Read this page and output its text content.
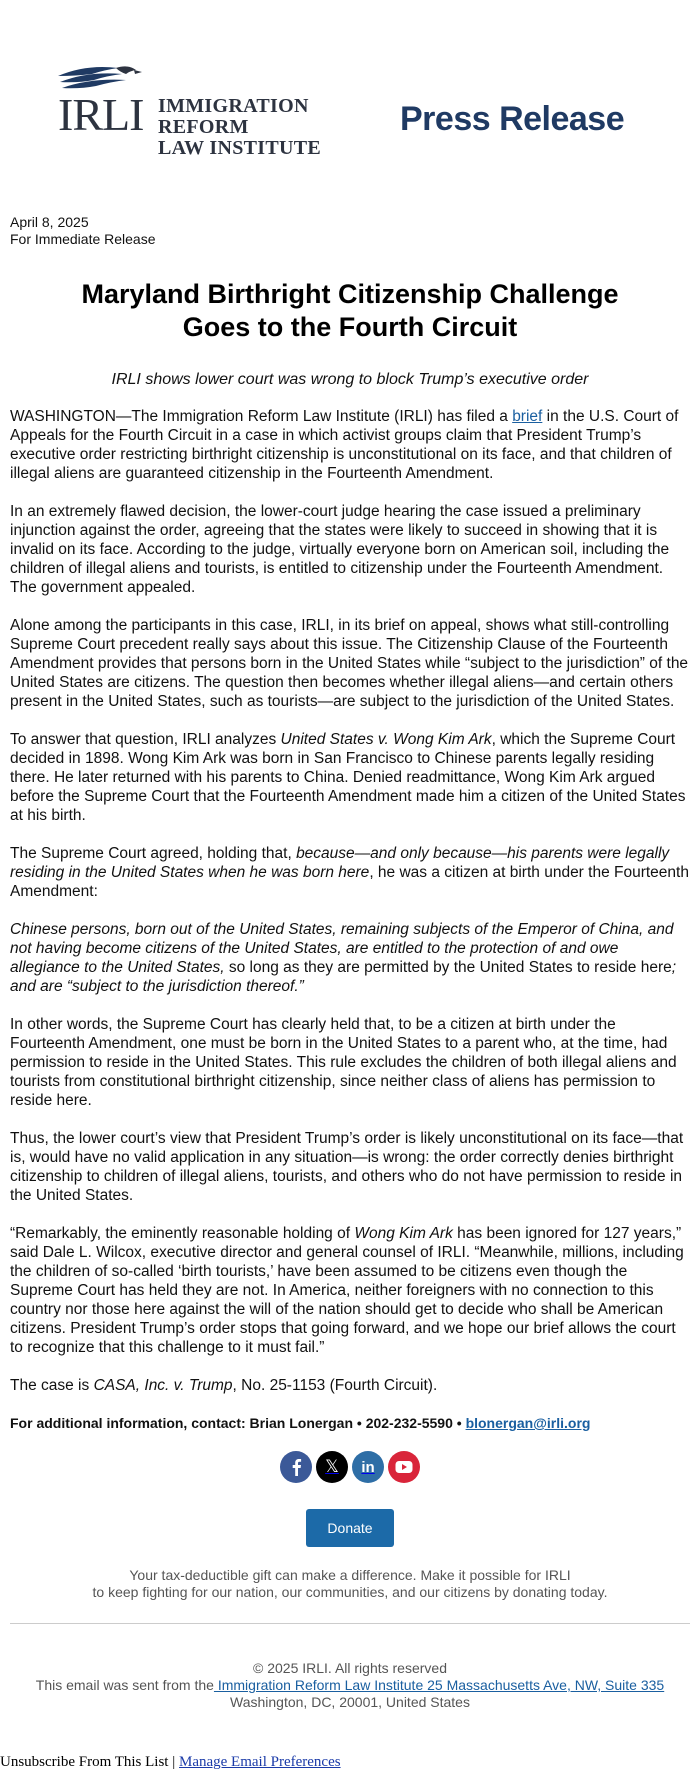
IRLI IMMIGRATION REFORM
LAW INSTITUTE
Press Release
April 8, 2025
For Immediate Release
Maryland Birthright Citizenship Challenge Goes to the Fourth Circuit
IRLI shows lower court was wrong to block Trump’s executive order

WASHINGTON—The Immigration Reform Law Institute (IRLI) has filed a brief in the U.S. Court of Appeals for the Fourth Circuit in a case in which activist groups claim that President Trump’s executive order restricting birthright citizenship is unconstitutional on its face, and that children of illegal aliens are guaranteed citizenship in the Fourteenth Amendment.

In an extremely flawed decision, the lower-court judge hearing the case issued a preliminary injunction against the order, agreeing that the states were likely to succeed in showing that it is invalid on its face. According to the judge, virtually everyone born on American soil, including the children of illegal aliens and tourists, is entitled to citizenship under the Fourteenth Amendment. The government appealed.

Alone among the participants in this case, IRLI, in its brief on appeal, shows what still-controlling Supreme Court precedent really says about this issue. The Citizenship Clause of the Fourteenth Amendment provides that persons born in the United States while “subject to the jurisdiction” of the United States are citizens. The question then becomes whether illegal aliens—and certain others present in the United States, such as tourists—are subject to the jurisdiction of the United States.

To answer that question, IRLI analyzes United States v. Wong Kim Ark, which the Supreme Court decided in 1898. Wong Kim Ark was born in San Francisco to Chinese parents legally residing there. He later returned with his parents to China. Denied readmittance, Wong Kim Ark argued before the Supreme Court that the Fourteenth Amendment made him a citizen of the United States at his birth.

The Supreme Court agreed, holding that, because—and only because—his parents were legally residing in the United States when he was born here, he was a citizen at birth under the Fourteenth Amendment:

Chinese persons, born out of the United States, remaining subjects of the Emperor of China, and not having become citizens of the United States, are entitled to the protection of and owe allegiance to the United States, so long as they are permitted by the United States to reside here; and are “subject to the jurisdiction thereof.”

In other words, the Supreme Court has clearly held that, to be a citizen at birth under the Fourteenth Amendment, one must be born in the United States to a parent who, at the time, had permission to reside in the United States. This rule excludes the children of both illegal aliens and tourists from constitutional birthright citizenship, since neither class of aliens has permission to reside here.

Thus, the lower court’s view that President Trump’s order is likely unconstitutional on its face—that is, would have no valid application in any situation—is wrong: the order correctly denies birthright citizenship to children of illegal aliens, tourists, and others who do not have permission to reside in the United States.

“Remarkably, the eminently reasonable holding of Wong Kim Ark has been ignored for 127 years,” said Dale L. Wilcox, executive director and general counsel of IRLI. “Meanwhile, millions, including the children of so-called ‘birth tourists,’ have been assumed to be citizens even though the Supreme Court has held they are not. In America, neither foreigners with no connection to this country nor those here against the will of the nation should get to decide who shall be American citizens. President Trump’s order stops that going forward, and we hope our brief allows the court to recognize that this challenge to it must fail.”

The case is CASA, Inc. v. Trump, No. 25-1153 (Fourth Circuit).

For additional information, contact: Brian Lonergan • 202-232-5590 • blonergan@irli.org

𝕏 in
Donate
Your tax-deductible gift can make a difference. Make it possible for IRLI
to keep fighting for our nation, our communities, and our citizens by donating today.
© 2025 IRLI. All rights reserved
This email was sent from the Immigration Reform Law Institute 25 Massachusetts Ave, NW, Suite 335 Washington, DC, 20001, United States
Unsubscribe From This List | Manage Email Preferences
